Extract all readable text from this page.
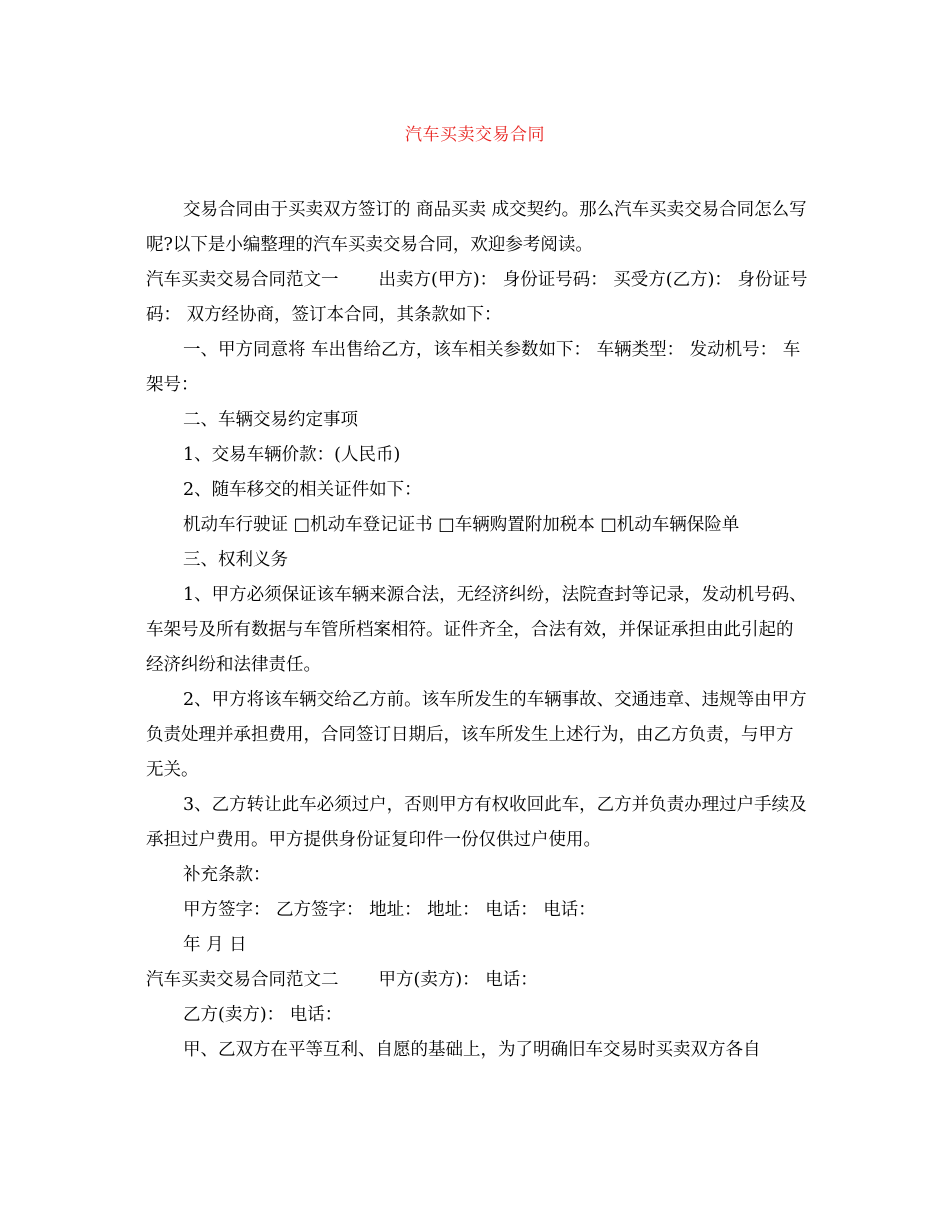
汽车买卖交易合同

交易合同由于买卖双方签订的 商品买卖 成交契约。那么汽车买卖交易合同怎么写呢?以下是小编整理的汽车买卖交易合同，欢迎参考阅读。

汽车买卖交易合同范文一 出卖方(甲方)： 身份证号码： 买受方(乙方)： 身份证号码： 双方经协商，签订本合同，其条款如下：

一、甲方同意将 车出售给乙方，该车相关参数如下： 车辆类型： 发动机号： 车架号：

二、车辆交易约定事项

1、交易车辆价款：(人民币)

2、随车移交的相关证件如下：

机动车行驶证 □机动车登记证书 □车辆购置附加税本 □机动车辆保险单

三、权利义务

1、甲方必须保证该车辆来源合法，无经济纠纷，法院查封等记录，发动机号码、车架号及所有数据与车管所档案相符。证件齐全，合法有效，并保证承担由此引起的经济纠纷和法律责任。

2、甲方将该车辆交给乙方前。该车所发生的车辆事故、交通违章、违规等由甲方负责处理并承担费用，合同签订日期后，该车所发生上述行为，由乙方负责，与甲方无关。

3、乙方转让此车必须过户，否则甲方有权收回此车，乙方并负责办理过户手续及承担过户费用。甲方提供身份证复印件一份仅供过户使用。

补充条款：

甲方签字： 乙方签字： 地址： 地址： 电话： 电话：

年 月 日

汽车买卖交易合同范文二 甲方(卖方)： 电话：

乙方(卖方)： 电话：

甲、乙双方在平等互利、自愿的基础上，为了明确旧车交易时买卖双方各自
